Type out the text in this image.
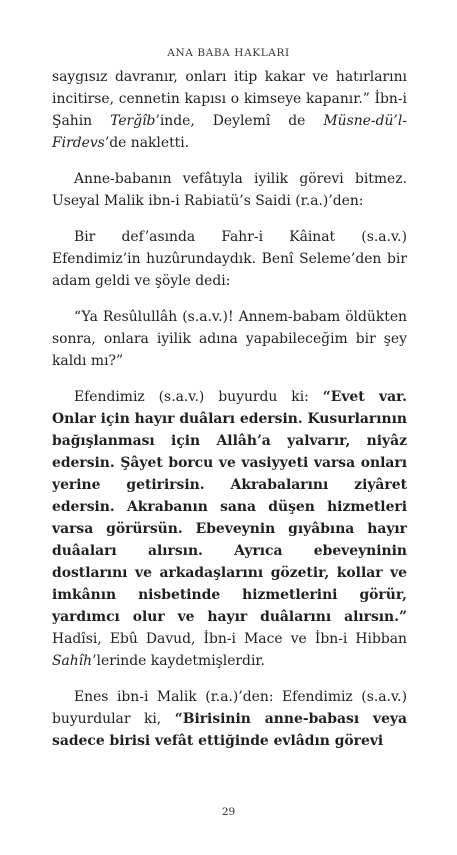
ANA BABA HAKLARI

saygısız davranır, onları itip kakar ve hatırlarını incitirse, cennetin kapısı o kimseye kapanır.” İbn-i Şahin Terğîb’inde, Deylemî de Müsne-dü’l-Firdevs’de nakletti.

Anne-babanın vefâtıyla iyilik görevi bitmez. Useyal Malik ibn-i Rabiatü’s Saidi (r.a.)’den:

Bir def’asında Fahr-i Kâinat (s.a.v.) Efendimiz’in huzûrundaydık. Benî Seleme’den bir adam geldi ve şöyle dedi:

“Ya Resûlullâh (s.a.v.)! Annem-babam öldükten sonra, onlara iyilik adına yapabileceğim bir şey kaldı mı?”

Efendimiz (s.a.v.) buyurdu ki: “Evet var. Onlar için hayır duâları edersin. Kusurlarının bağışlanması için Allâh’a yalvarır, niyâz edersin. Şâyet borcu ve vasiyyeti varsa onları yerine getirirsin. Akrabalarını ziyâret edersin. Akrabanın sana düşen hizmetleri varsa görürsün. Ebeveynin gıyâbına hayır duâaları alırsın. Ayrıca ebeveyninin dostlarını ve arkadaşlarını gözetir, kollar ve imkânın nisbetinde hizmetlerini görür, yardımcı olur ve hayır duâlarını alırsın.” Hadîsi, Ebû Davud, İbn-i Mace ve İbn-i Hibban Sahîh’lerinde kaydetmişlerdir.

Enes ibn-i Malik (r.a.)’den: Efendimiz (s.a.v.) buyurdular ki, “Birisinin anne-babası veya sadece birisi vefât ettiğinde evlâdın görevi

29
